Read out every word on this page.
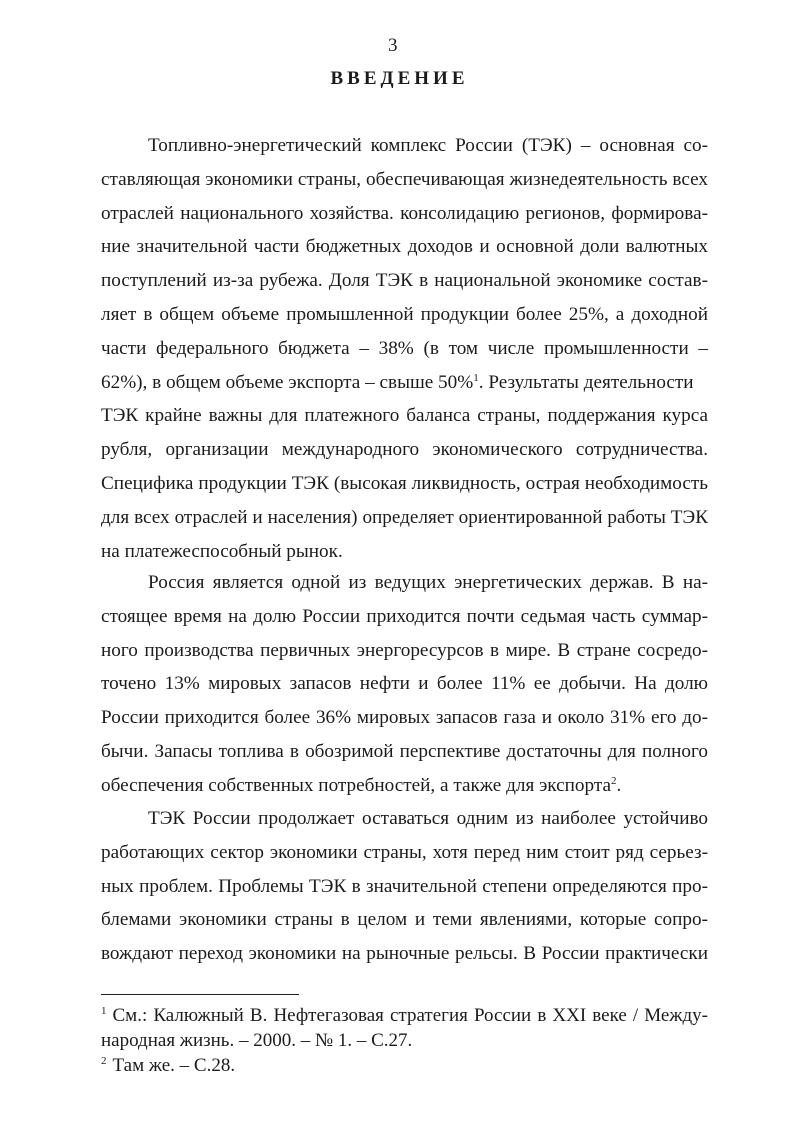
3
ВВЕДЕНИЕ
Топливно-энергетический комплекс России (ТЭК) – основная со-
ставляющая экономики страны, обеспечивающая жизнедеятельность всех
отраслей национального хозяйства. консолидацию регионов, формирова-
ние значительной части бюджетных доходов и основной доли валютных
поступлений из-за рубежа. Доля ТЭК в национальной экономике состав-
ляет в общем объеме промышленной продукции более 25%, а доходной
части федерального бюджета – 38% (в том числе промышленности –
62%), в общем объеме экспорта – свыше 50%$^1$. Результаты деятельности
ТЭК крайне важны для платежного баланса страны, поддержания курса
рубля, организации международного экономического сотрудничества.
Специфика продукции ТЭК (высокая ликвидность, острая необходимость
для всех отраслей и населения) определяет ориентированной работы ТЭК
на платежеспособный рынок.
Россия является одной из ведущих энергетических держав. В на-
стоящее время на долю России приходится почти седьмая часть суммар-
ного производства первичных энергоресурсов в мире. В стране сосредо-
точено 13% мировых запасов нефти и более 11% ее добычи. На долю
России приходится более 36% мировых запасов газа и около 31% его до-
бычи. Запасы топлива в обозримой перспективе достаточны для полного
обеспечения собственных потребностей, а также для экспорта$^2$.
ТЭК России продолжает оставаться одним из наиболее устойчиво
работающих сектор экономики страны, хотя перед ним стоит ряд серьез-
ных проблем. Проблемы ТЭК в значительной степени определяются про-
блемами экономики страны в целом и теми явлениями, которые сопро-
вождают переход экономики на рыночные рельсы. В России практически
$^1$ См.: Калюжный В. Нефтегазовая стратегия России в XXI веке / Между-
народная жизнь. – 2000. – № 1. – С.27.
$^2$ Там же. – С.28.
